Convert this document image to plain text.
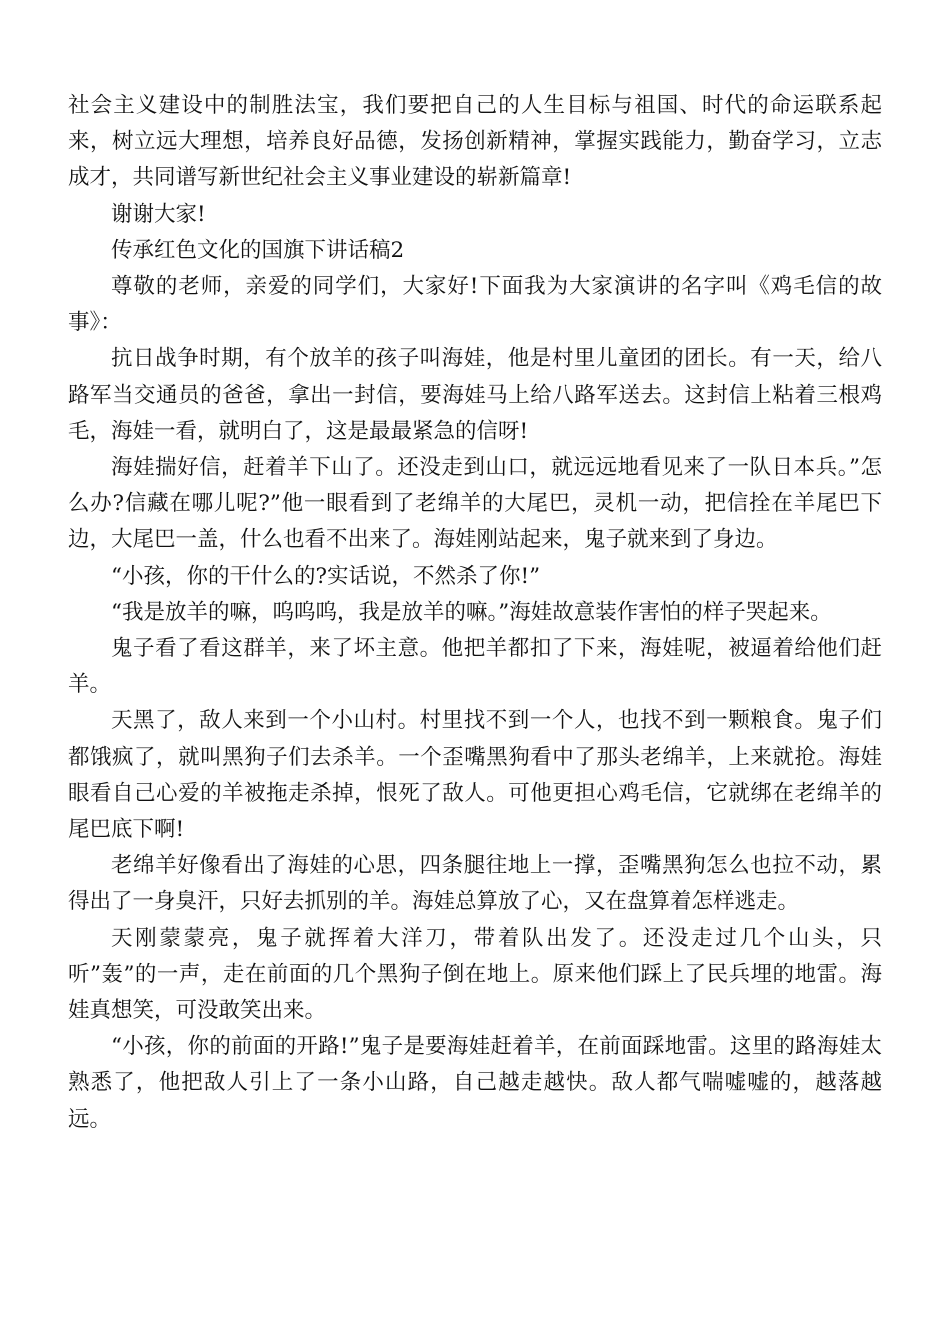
社会主义建设中的制胜法宝，我们要把自己的人生目标与祖国、时代的命运联系起来，树立远大理想，培养良好品德，发扬创新精神，掌握实践能力，勤奋学习，立志成才，共同谱写新世纪社会主义事业建设的崭新篇章!

谢谢大家!

传承红色文化的国旗下讲话稿2

尊敬的老师，亲爱的同学们，大家好!下面我为大家演讲的名字叫《鸡毛信的故事》：

抗日战争时期，有个放羊的孩子叫海娃，他是村里儿童团的团长。有一天，给八路军当交通员的爸爸，拿出一封信，要海娃马上给八路军送去。这封信上粘着三根鸡毛，海娃一看，就明白了，这是最最紧急的信呀!

海娃揣好信，赶着羊下山了。还没走到山口，就远远地看见来了一队日本兵。”怎么办?信藏在哪儿呢?”他一眼看到了老绵羊的大尾巴，灵机一动，把信拴在羊尾巴下边，大尾巴一盖，什么也看不出来了。海娃刚站起来，鬼子就来到了身边。

“小孩，你的干什么的?实话说，不然杀了你!”

“我是放羊的嘛，呜呜呜，我是放羊的嘛。”海娃故意装作害怕的样子哭起来。

鬼子看了看这群羊，来了坏主意。他把羊都扣了下来，海娃呢，被逼着给他们赶羊。

天黑了，敌人来到一个小山村。村里找不到一个人，也找不到一颗粮食。鬼子们都饿疯了，就叫黑狗子们去杀羊。一个歪嘴黑狗看中了那头老绵羊，上来就抢。海娃眼看自己心爱的羊被拖走杀掉，恨死了敌人。可他更担心鸡毛信，它就绑在老绵羊的尾巴底下啊!

老绵羊好像看出了海娃的心思，四条腿往地上一撑，歪嘴黑狗怎么也拉不动，累得出了一身臭汗，只好去抓别的羊。海娃总算放了心，又在盘算着怎样逃走。

天刚蒙蒙亮，鬼子就挥着大洋刀，带着队出发了。还没走过几个山头，只听”轰”的一声，走在前面的几个黑狗子倒在地上。原来他们踩上了民兵埋的地雷。海娃真想笑，可没敢笑出来。

“小孩，你的前面的开路!”鬼子是要海娃赶着羊，在前面踩地雷。这里的路海娃太熟悉了，他把敌人引上了一条小山路，自己越走越快。敌人都气喘嘘嘘的，越落越远。
